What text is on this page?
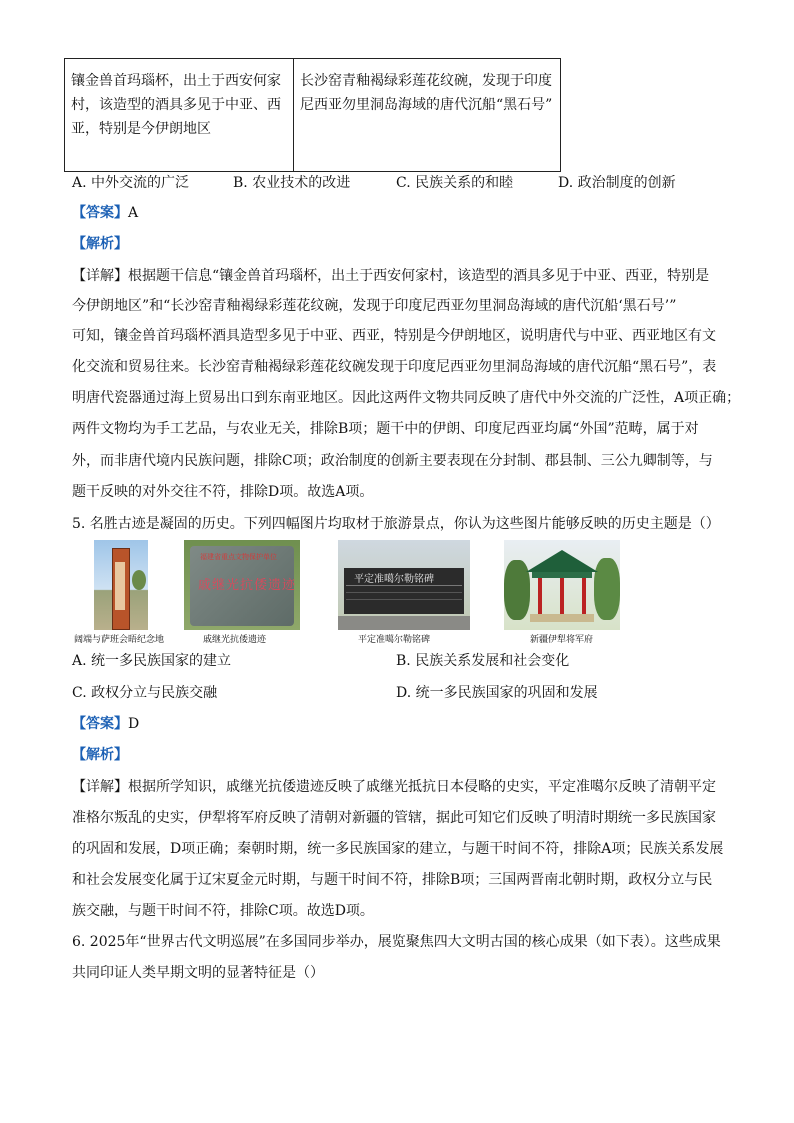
镶金兽首玛瑙杯，出土于西安何家村，该造型的酒具多见于中亚、西亚，特别是今伊朗地区	长沙窑青釉褐绿彩莲花纹碗，发现于印度尼西亚勿里洞岛海域的唐代沉船“黑石号”
A. 中外交流的广泛	B. 农业技术的改进	C. 民族关系的和睦	D. 政治制度的创新
【答案】A
【解析】
【详解】根据题干信息“镶金兽首玛瑙杯，出土于西安何家村，该造型的酒具多见于中亚、西亚，特别是
今伊朗地区”和“长沙窑青釉褐绿彩莲花纹碗，发现于印度尼西亚勿里洞岛海域的唐代沉船‘黑石号’”
可知，镶金兽首玛瑙杯酒具造型多见于中亚、西亚，特别是今伊朗地区，说明唐代与中亚、西亚地区有文
化交流和贸易往来。长沙窑青釉褐绿彩莲花纹碗发现于印度尼西亚勿里洞岛海域的唐代沉船“黑石号”，表
明唐代瓷器通过海上贸易出口到东南亚地区。因此这两件文物共同反映了唐代中外交流的广泛性，A项正确；
两件文物均为手工艺品，与农业无关，排除B项；题干中的伊朗、印度尼西亚均属“外国”范畴，属于对
外，而非唐代境内民族问题，排除C项；政治制度的创新主要表现在分封制、郡县制、三公九卿制等，与
题干反映的对外交往不符，排除D项。故选A项。
5. 名胜古迹是凝固的历史。下列四幅图片均取材于旅游景点，你认为这些图片能够反映的历史主题是（）
福建省重点文物保护单位
戚继光抗倭遗迹	平定准噶尔勒铭碑
阔端与萨班会晤纪念地	戚继光抗倭遗迹	平定准噶尔勒铭碑	新疆伊犁将军府
A. 统一多民族国家的建立	B. 民族关系发展和社会变化
C. 政权分立与民族交融	D. 统一多民族国家的巩固和发展
【答案】D
【解析】
【详解】根据所学知识，戚继光抗倭遗迹反映了戚继光抵抗日本侵略的史实，平定准噶尔反映了清朝平定
准格尔叛乱的史实，伊犁将军府反映了清朝对新疆的管辖，据此可知它们反映了明清时期统一多民族国家
的巩固和发展，D项正确；秦朝时期，统一多民族国家的建立，与题干时间不符，排除A项；民族关系发展
和社会发展变化属于辽宋夏金元时期，与题干时间不符，排除B项；三国两晋南北朝时期，政权分立与民
族交融，与题干时间不符，排除C项。故选D项。
6. 2025年“世界古代文明巡展”在多国同步举办，展览聚焦四大文明古国的核心成果（如下表）。这些成果
共同印证人类早期文明的显著特征是（）
